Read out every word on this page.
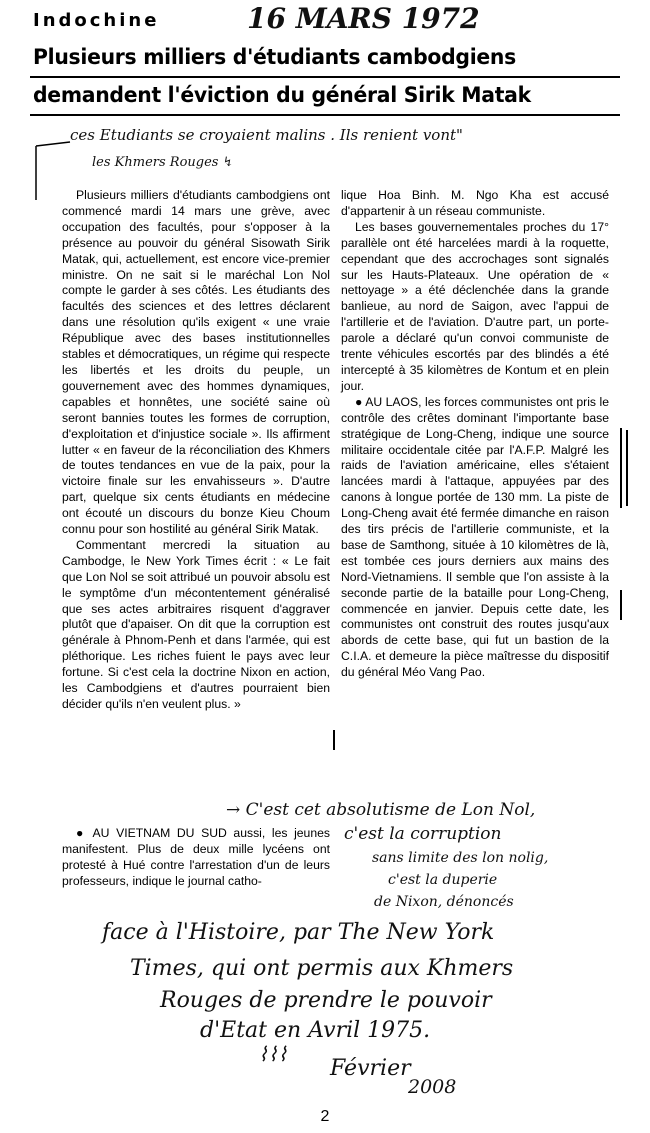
Indochine	16 MARS 1972
Plusieurs milliers d'étudiants cambodgiens
demandent l'éviction du général Sirik Matak
ces Etudiants se croyaient malins . Ils renient vont"
les Khmers Rouges ↯

Plusieurs milliers d'étudiants cambodgiens ont commencé mardi 14 mars une grève, avec occupation des facultés, pour s'opposer à la présence au pouvoir du général Sisowath Sirik Matak, qui, actuellement, est encore vice-premier ministre. On ne sait si le maréchal Lon Nol compte le garder à ses côtés. Les étudiants des facultés des sciences et des lettres déclarent dans une résolution qu'ils exigent « une vraie République avec des bases institutionnelles stables et démocratiques, un régime qui respecte les libertés et les droits du peuple, un gouvernement avec des hommes dynamiques, capables et honnêtes, une société saine où seront bannies toutes les formes de corruption, d'exploitation et d'injustice sociale ». Ils affirment lutter « en faveur de la réconciliation des Khmers de toutes tendances en vue de la paix, pour la victoire finale sur les envahisseurs ». D'autre part, quelque six cents étudiants en médecine ont écouté un discours du bonze Kieu Choum connu pour son hostilité au général Sirik Matak.

Commentant mercredi la situation au Cambodge, le New York Times écrit : « Le fait que Lon Nol se soit attribué un pouvoir absolu est le symptôme d'un mécontentement généralisé que ses actes arbitraires risquent d'aggraver plutôt que d'apaiser. On dit que la corruption est générale à Phnom-Penh et dans l'armée, qui est pléthorique. Les riches fuient le pays avec leur fortune. Si c'est cela la doctrine Nixon en action, les Cambodgiens et d'autres pourraient bien décider qu'ils n'en veulent plus. »

lique Hoa Binh. M. Ngo Kha est accusé d'appartenir à un réseau communiste.

Les bases gouvernementales proches du 17° parallèle ont été harcelées mardi à la roquette, cependant que des accrochages sont signalés sur les Hauts-Plateaux. Une opération de « nettoyage » a été déclenchée dans la grande banlieue, au nord de Saigon, avec l'appui de l'artillerie et de l'aviation. D'autre part, un porte-parole a déclaré qu'un convoi communiste de trente véhicules escortés par des blindés a été intercepté à 35 kilomètres de Kontum et en plein jour.

● AU LAOS, les forces communistes ont pris le contrôle des crêtes dominant l'importante base stratégique de Long-Cheng, indique une source militaire occidentale citée par l'A.F.P. Malgré les raids de l'aviation américaine, elles s'étaient lancées mardi à l'attaque, appuyées par des canons à longue portée de 130 mm. La piste de Long-Cheng avait été fermée dimanche en raison des tirs précis de l'artillerie communiste, et la base de Samthong, située à 10 kilomètres de là, est tombée ces jours derniers aux mains des Nord-Vietnamiens. Il semble que l'on assiste à la seconde partie de la bataille pour Long-Cheng, commencée en janvier. Depuis cette date, les communistes ont construit des routes jusqu'aux abords de cette base, qui fut un bastion de la C.I.A. et demeure la pièce maîtresse du dispositif du général Méo Vang Pao.

● AU VIETNAM DU SUD aussi, les jeunes manifestent. Plus de deux mille lycéens ont protesté à Hué contre l'arrestation d'un de leurs professeurs, indique le journal catho-

→ C'est cet absolutisme de Lon Nol,
c'est la corruption
sans limite des lon nolig,
c'est la duperie
de Nixon, dénoncés
face à l'Histoire, par The New York
Times, qui ont permis aux Khmers
Rouges de prendre le pouvoir
d'Etat en Avril 1975.
⌇⌇⌇
Février
2008
2
